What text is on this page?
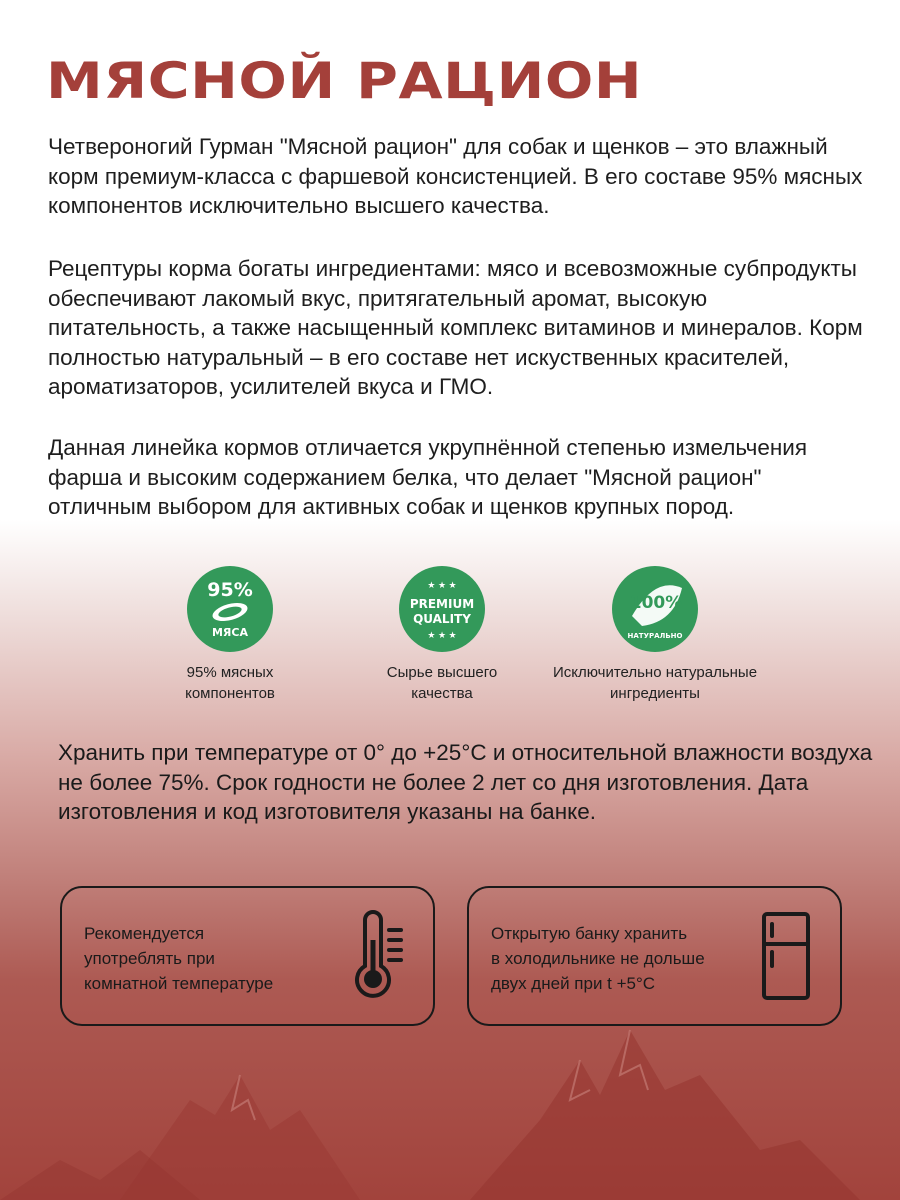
МЯСНОЙ РАЦИОН

Четвероногий Гурман "Мясной рацион" для собак и щенков – это влажный корм премиум-класса с фаршевой консистенцией. В его составе 95% мясных компонентов исключительно высшего качества.

Рецептуры корма богаты ингредиентами: мясо и всевозможные субпродукты обеспечивают лакомый вкус, притягательный аромат, высокую питательность, а также насыщенный комплекс витаминов и минералов. Корм полностью натуральный – в его составе нет искуственных красителей, ароматизаторов, усилителей вкуса и ГМО.

Данная линейка кормов отличается укрупнённой степенью измельчения фарша и высоким содержанием белка, что делает "Мясной рацион" отличным выбором для активных собак и щенков крупных пород.

95%
МЯСА
95% мясных
компонентов
★ ★ ★
PREMIUM
QUALITY
★ ★ ★
Сырье высшего
качества
100%
НАТУРАЛЬНО
Исключительно натуральные
ингредиенты

Хранить при температуре от 0° до +25°С и относительной влажности воздуха не более 75%. Срок годности не более 2 лет со дня изготовления. Дата изготовления и код изготовителя указаны на банке.

Рекомендуется
употреблять при
комнатной температуре
Открытую банку хранить
в холодильнике не дольше
двух дней при t +5°C
